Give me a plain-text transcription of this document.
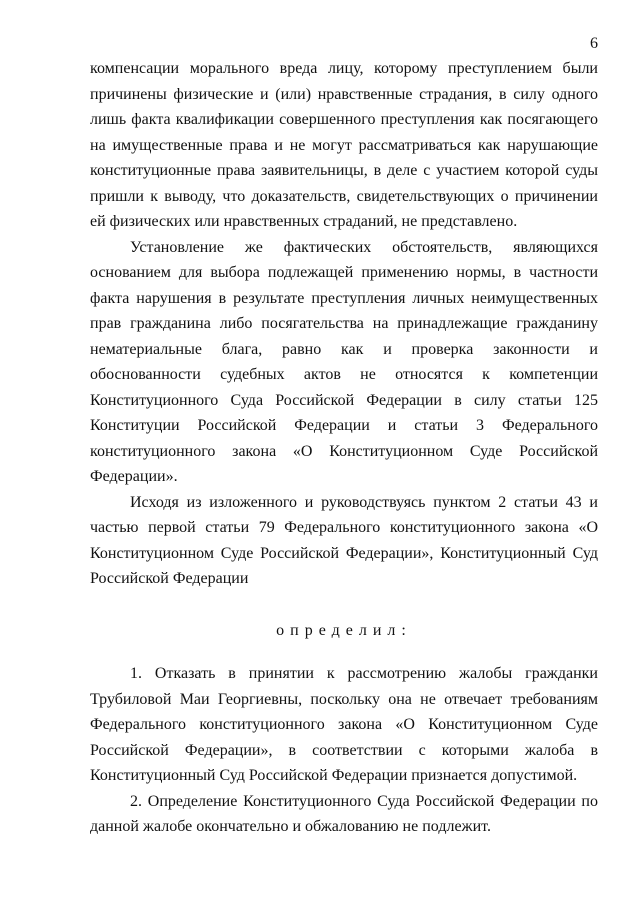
6

компенсации морального вреда лицу, которому преступлением были причинены физические и (или) нравственные страдания, в силу одного лишь факта квалификации совершенного преступления как посягающего на имущественные права и не могут рассматриваться как нарушающие конституционные права заявительницы, в деле с участием которой суды пришли к выводу, что доказательств, свидетельствующих о причинении ей физических или нравственных страданий, не представлено.

Установление же фактических обстоятельств, являющихся основанием для выбора подлежащей применению нормы, в частности факта нарушения в результате преступления личных неимущественных прав гражданина либо посягательства на принадлежащие гражданину нематериальные блага, равно как и проверка законности и обоснованности судебных актов не относятся к компетенции Конституционного Суда Российской Федерации в силу статьи 125 Конституции Российской Федерации и статьи 3 Федерального конституционного закона «О Конституционном Суде Российской Федерации».

Исходя из изложенного и руководствуясь пунктом 2 статьи 43 и частью первой статьи 79 Федерального конституционного закона «О Конституционном Суде Российской Федерации», Конституционный Суд Российской Федерации

определил:

1. Отказать в принятии к рассмотрению жалобы гражданки Трубиловой Маи Георгиевны, поскольку она не отвечает требованиям Федерального конституционного закона «О Конституционном Суде Российской Федерации», в соответствии с которыми жалоба в Конституционный Суд Российской Федерации признается допустимой.

2. Определение Конституционного Суда Российской Федерации по данной жалобе окончательно и обжалованию не подлежит.
